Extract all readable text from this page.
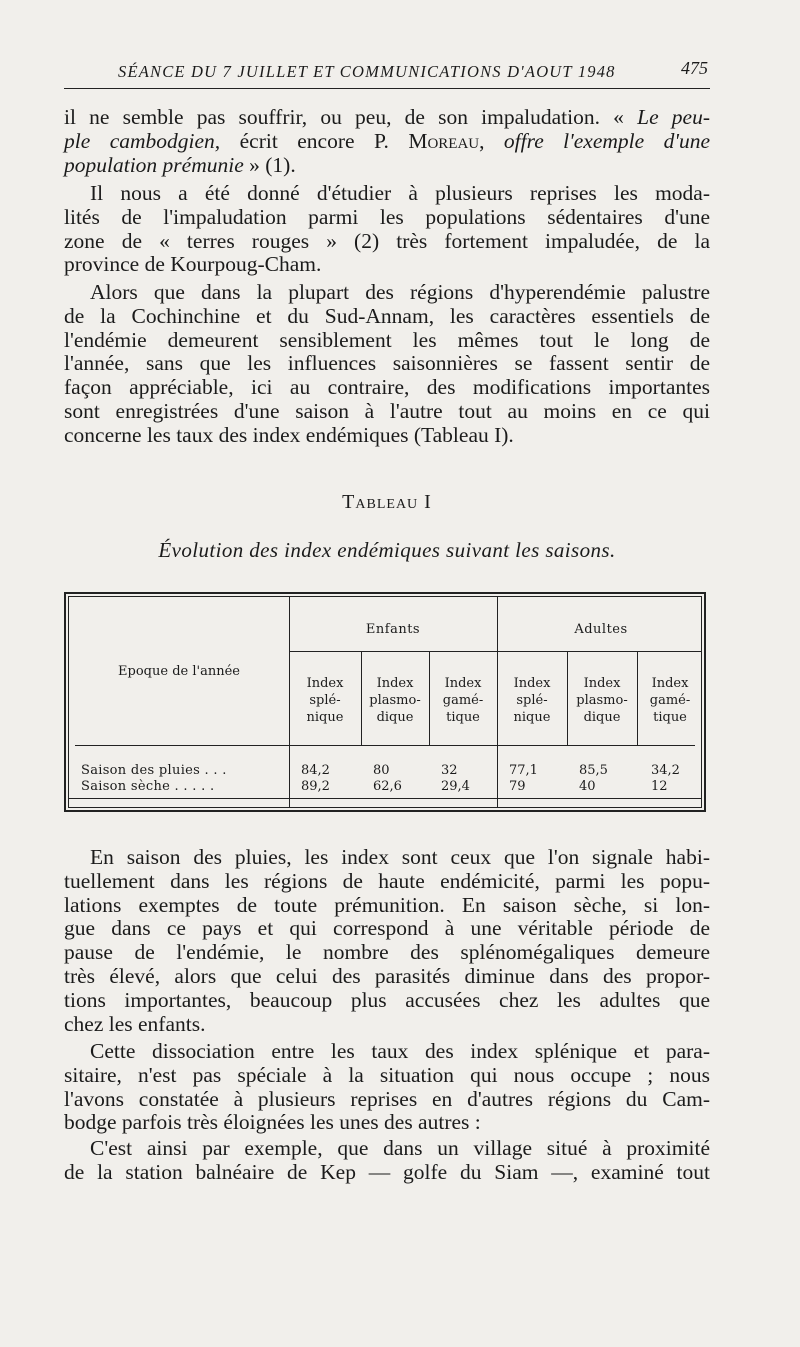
SÉANCE DU 7 JUILLET ET COMMUNICATIONS D'AOUT 1948	475
il ne semble pas souffrir, ou peu, de son impaludation. « Le peu-
ple cambodgien, écrit encore P. Moreau, offre l'exemple d'une
population prémunie » (1).
Il nous a été donné d'étudier à plusieurs reprises les moda-
lités de l'impaludation parmi les populations sédentaires d'une
zone de « terres rouges » (2) très fortement impaludée, de la
province de Kourpoug-Cham.
Alors que dans la plupart des régions d'hyperendémie palustre
de la Cochinchine et du Sud-Annam, les caractères essentiels de
l'endémie demeurent sensiblement les mêmes tout le long de
l'année, sans que les influences saisonnières se fassent sentir de
façon appréciable, ici au contraire, des modifications importantes
sont enregistrées d'une saison à l'autre tout au moins en ce qui
concerne les taux des index endémiques (Tableau I).
Tableau I
Évolution des index endémiques suivant les saisons.
Epoque de l'année
Enfants	Adultes
Index
splé-
nique
Index
plasmo-
dique
Index
gamé-
tique
Index
splé-
nique
Index
plasmo-
dique
Index
gamé-
tique
Saison des pluies . . .	84,2	80	32	77,1	85,5	34,2
Saison sèche . . . . .	89,2	62,6	29,4	79	40	12
En saison des pluies, les index sont ceux que l'on signale habi-
tuellement dans les régions de haute endémicité, parmi les popu-
lations exemptes de toute prémunition. En saison sèche, si lon-
gue dans ce pays et qui correspond à une véritable période de
pause de l'endémie, le nombre des splénomégaliques demeure
très élevé, alors que celui des parasités diminue dans des propor-
tions importantes, beaucoup plus accusées chez les adultes que
chez les enfants.
Cette dissociation entre les taux des index splénique et para-
sitaire, n'est pas spéciale à la situation qui nous occupe ; nous
l'avons constatée à plusieurs reprises en d'autres régions du Cam-
bodge parfois très éloignées les unes des autres :
C'est ainsi par exemple, que dans un village situé à proximité
de la station balnéaire de Kep — golfe du Siam —, examiné tout
